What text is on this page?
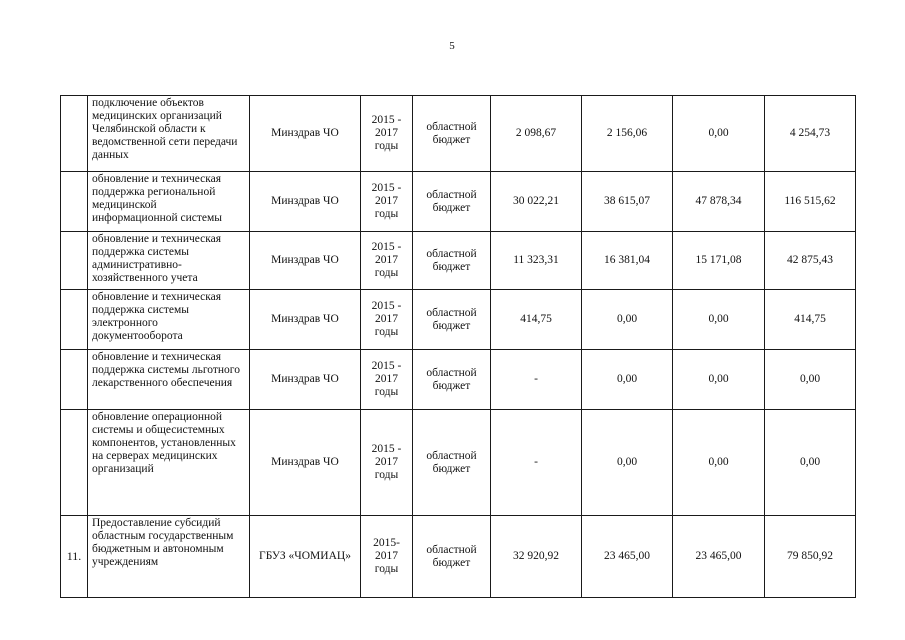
5
	подключение объектов медицинских организаций Челябинской области к ведомственной сети передачи данных	Минздрав ЧО	2015 - 2017 годы	областной бюджет	2 098,67	2 156,06	0,00	4 254,73
	обновление и техническая поддержка региональной медицинской информационной системы	Минздрав ЧО	2015 - 2017 годы	областной бюджет	30 022,21	38 615,07	47 878,34	116 515,62
	обновление и техническая поддержка системы административно-хозяйственного учета	Минздрав ЧО	2015 - 2017 годы	областной бюджет	11 323,31	16 381,04	15 171,08	42 875,43
	обновление и техническая поддержка системы электронного документооборота	Минздрав ЧО	2015 - 2017 годы	областной бюджет	414,75	0,00	0,00	414,75
	обновление и техническая поддержка системы льготного лекарственного обеспечения	Минздрав ЧО	2015 - 2017 годы	областной бюджет	-	0,00	0,00	0,00
	обновление операционной системы и общесистемных компонентов, установленных на серверах медицинских организаций	Минздрав ЧО	2015 - 2017 годы	областной бюджет	-	0,00	0,00	0,00
11.	Предоставление субсидий областным государственным бюджетным и автономным учреждениям	ГБУЗ «ЧОМИАЦ»	2015- 2017 годы	областной бюджет	32 920,92	23 465,00	23 465,00	79 850,92
